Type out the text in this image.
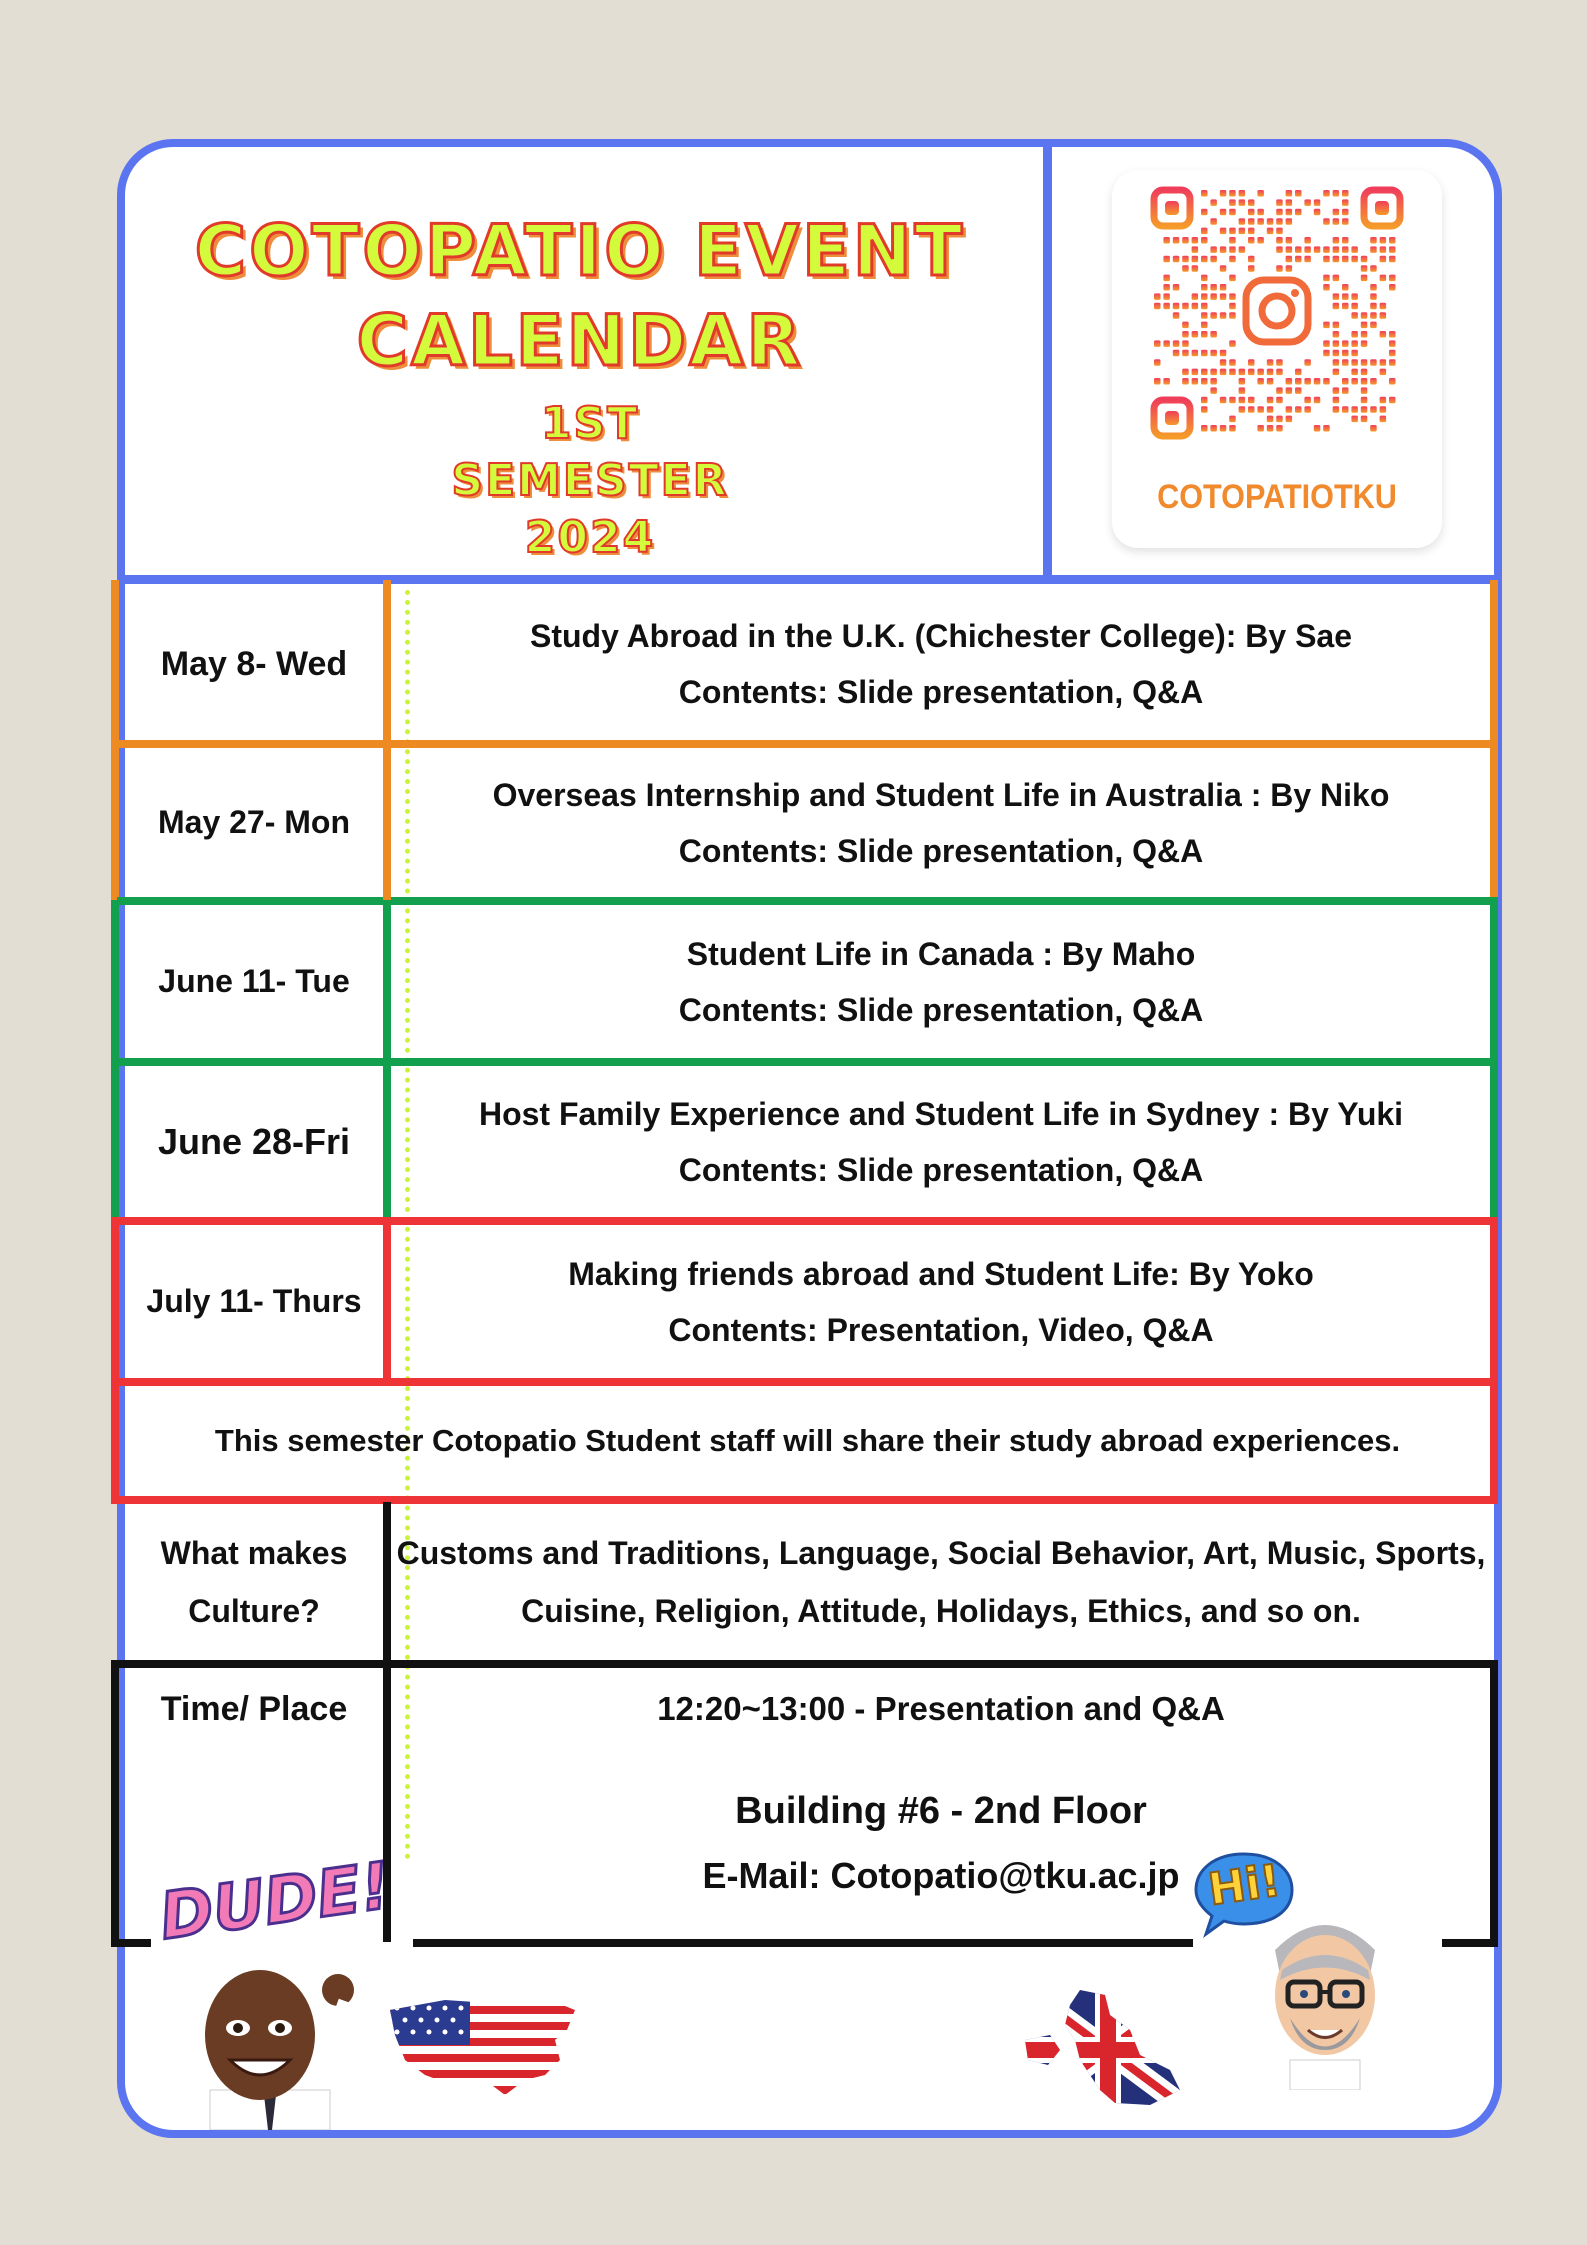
COTOPATIO EVENT
CALENDAR
1ST
SEMESTER
2024
COTOPATIOTKU
May 8- Wed
Study Abroad in the U.K. (Chichester College): By Sae
Contents: Slide presentation, Q&A
May 27- Mon
Overseas Internship and Student Life in Australia : By Niko
Contents: Slide presentation, Q&A
June 11- Tue
Student Life in Canada : By Maho
Contents: Slide presentation, Q&A
June 28-Fri
Host Family Experience and Student Life in Sydney : By Yuki
Contents: Slide presentation, Q&A
July 11- Thurs
Making friends abroad and Student Life: By Yoko
Contents: Presentation, Video, Q&A
This semester Cotopatio Student staff will share their study abroad experiences.
What makes
Culture?
Customs and Traditions, Language, Social Behavior, Art, Music, Sports,
Cuisine, Religion, Attitude, Holidays, Ethics, and so on.
Time/ Place	12:20~13:00 - Presentation and Q&A
Building #6 - 2nd Floor
E-Mail: Cotopatio@tku.ac.jp
DUDE!	Hi!
